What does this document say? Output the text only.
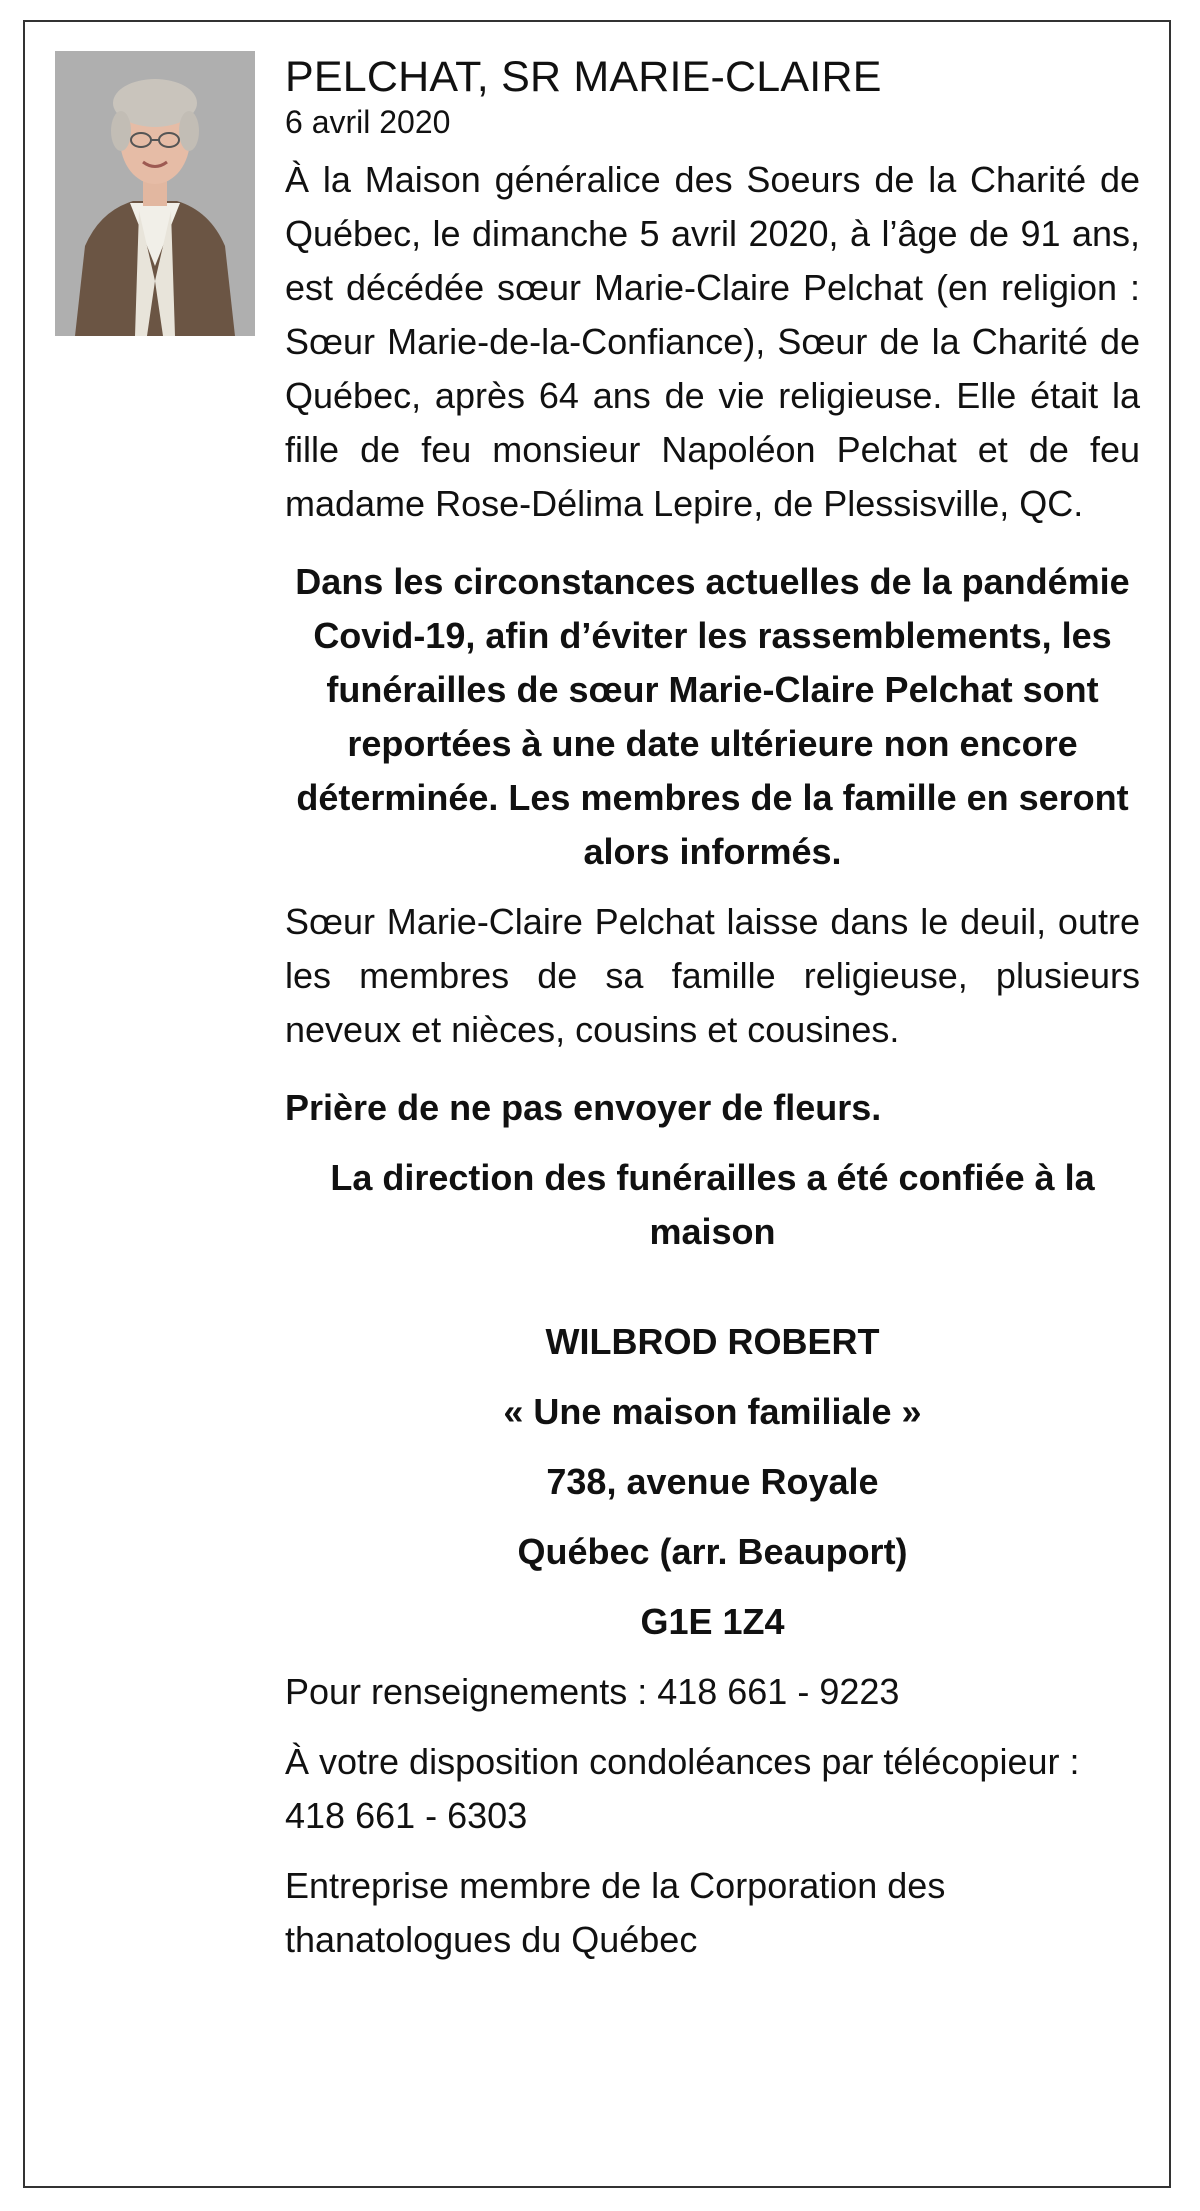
PELCHAT, SR MARIE-CLAIRE
6 avril 2020

À la Maison généralice des Soeurs de la Charité de Québec, le dimanche 5 avril 2020, à l’âge de 91 ans, est décédée sœur Marie-Claire Pelchat (en religion : Sœur Marie-de-la-Confiance), Sœur de la Charité de Québec, après 64 ans de vie religieuse. Elle était la fille de feu monsieur Napoléon Pelchat et de feu madame Rose-Délima Lepire, de Plessisville, QC.

Dans les circonstances actuelles de la pandémie Covid-19, afin d’éviter les rassemblements, les funérailles de sœur Marie-Claire Pelchat sont reportées à une date ultérieure non encore déterminée. Les membres de la famille en seront alors informés.

Sœur Marie-Claire Pelchat laisse dans le deuil, outre les membres de sa famille religieuse, plusieurs neveux et nièces, cousins et cousines.

Prière de ne pas envoyer de fleurs.

La direction des funérailles a été confiée à la maison

WILBROD ROBERT

« Une maison familiale »

738, avenue Royale

Québec (arr. Beauport)

G1E 1Z4

Pour renseignements : 418 661 - 9223

À votre disposition condoléances par télécopieur : 418 661 - 6303

Entreprise membre de la Corporation des thanatologues du Québec
